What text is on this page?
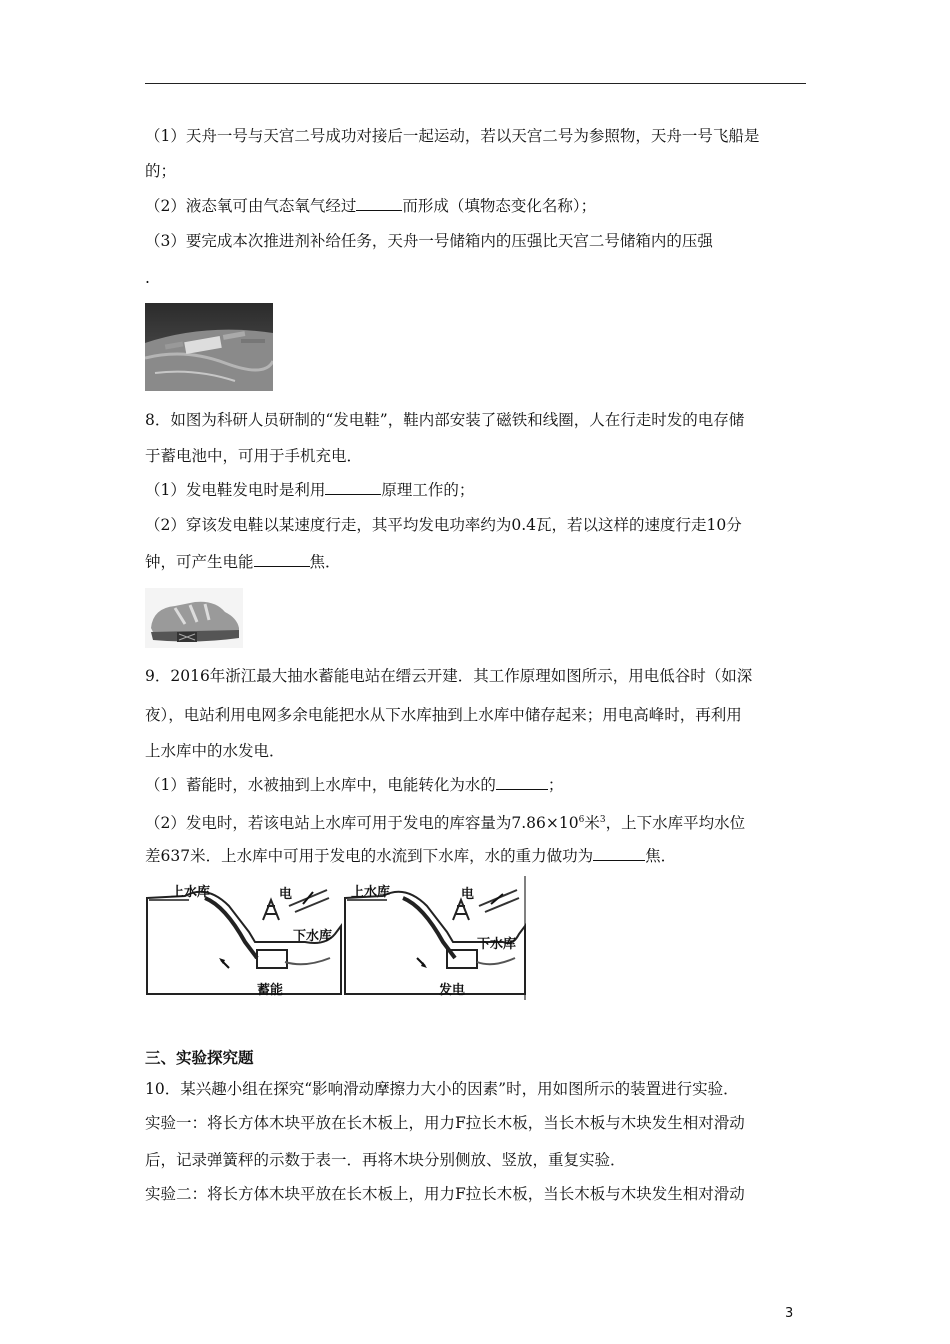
（1）天舟一号与天宫二号成功对接后一起运动，若以天宫二号为参照物，天舟一号飞船是
的；
（2）液态氧可由气态氧气经过	而形成（填物态变化名称）；
（3）要完成本次推进剂补给任务，天舟一号储箱内的压强比天宫二号储箱内的压强
.
8．如图为科研人员研制的“发电鞋”，鞋内部安装了磁铁和线圈，人在行走时发的电存储
于蓄电池中，可用于手机充电．
（1）发电鞋发电时是利用	原理工作的；
（2）穿该发电鞋以某速度行走，其平均发电功率约为0.4瓦，若以这样的速度行走10分
钟，可产生电能	焦．
9．2016年浙江最大抽水蓄能电站在缙云开建．其工作原理如图所示，用电低谷时（如深
夜），电站利用电网多余电能把水从下水库抽到上水库中储存起来；用电高峰时，再利用
上水库中的水发电．
（1）蓄能时，水被抽到上水库中，电能转化为水的	；
（2）发电时，若该电站上水库可用于发电的库容量为$7.86\times 10^6$米$^3$，上下水库平均水位
差637米．上水库中可用于发电的水流到下水库，水的重力做功为	焦．
上水库	电
下水库
蓄能
上水库	电
下水库
发电
三、实验探究题
10．某兴趣小组在探究“影响滑动摩擦力大小的因素”时，用如图所示的装置进行实验．
实验一：将长方体木块平放在长木板上，用力F拉长木板，当长木板与木块发生相对滑动
后，记录弹簧秤的示数于表一．再将木块分别侧放、竖放，重复实验．
实验二：将长方体木块平放在长木板上，用力F拉长木板，当长木板与木块发生相对滑动
3
